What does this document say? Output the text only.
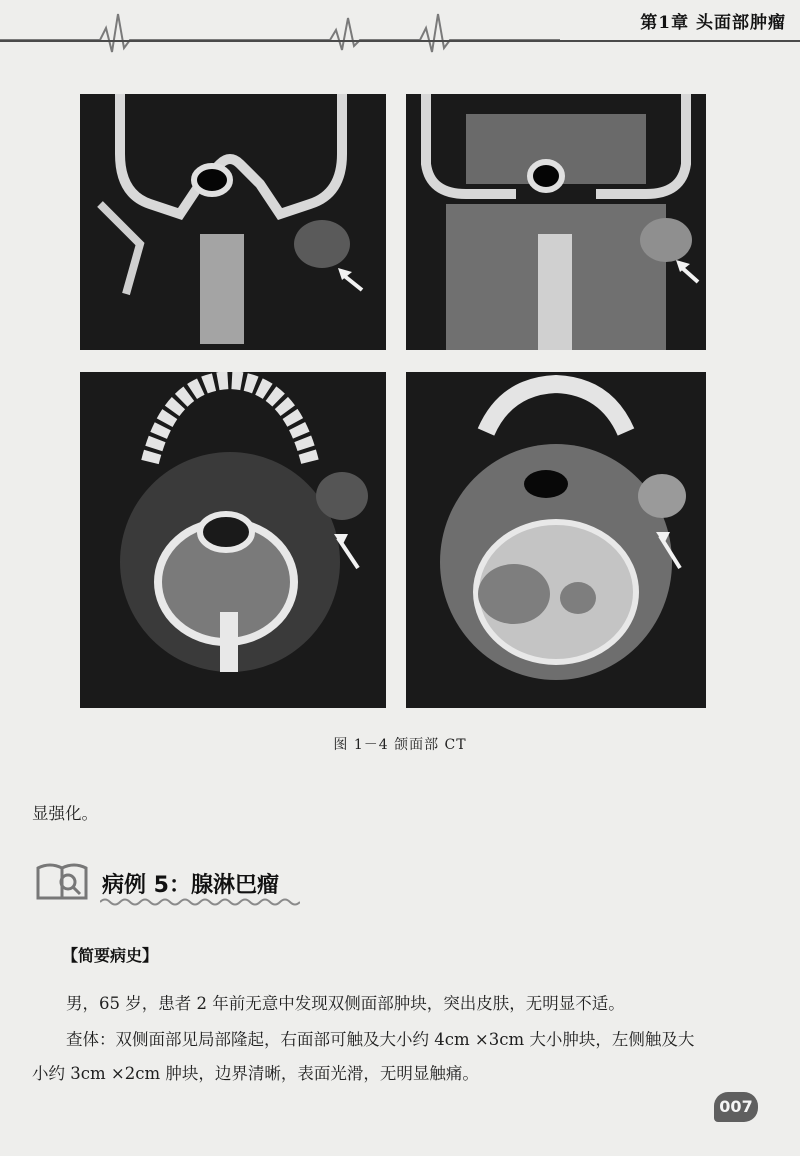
第1章 头面部肿瘤
图 1－4 颌面部 CT
显强化。
病例 5：腺淋巴瘤
【简要病史】
男，65 岁，患者 2 年前无意中发现双侧面部肿块，突出皮肤，无明显不适。
查体：双侧面部见局部隆起，右面部可触及大小约 4cm ×3cm 大小肿块，左侧触及大
小约 3cm ×2cm 肿块，边界清晰，表面光滑，无明显触痛。
007
